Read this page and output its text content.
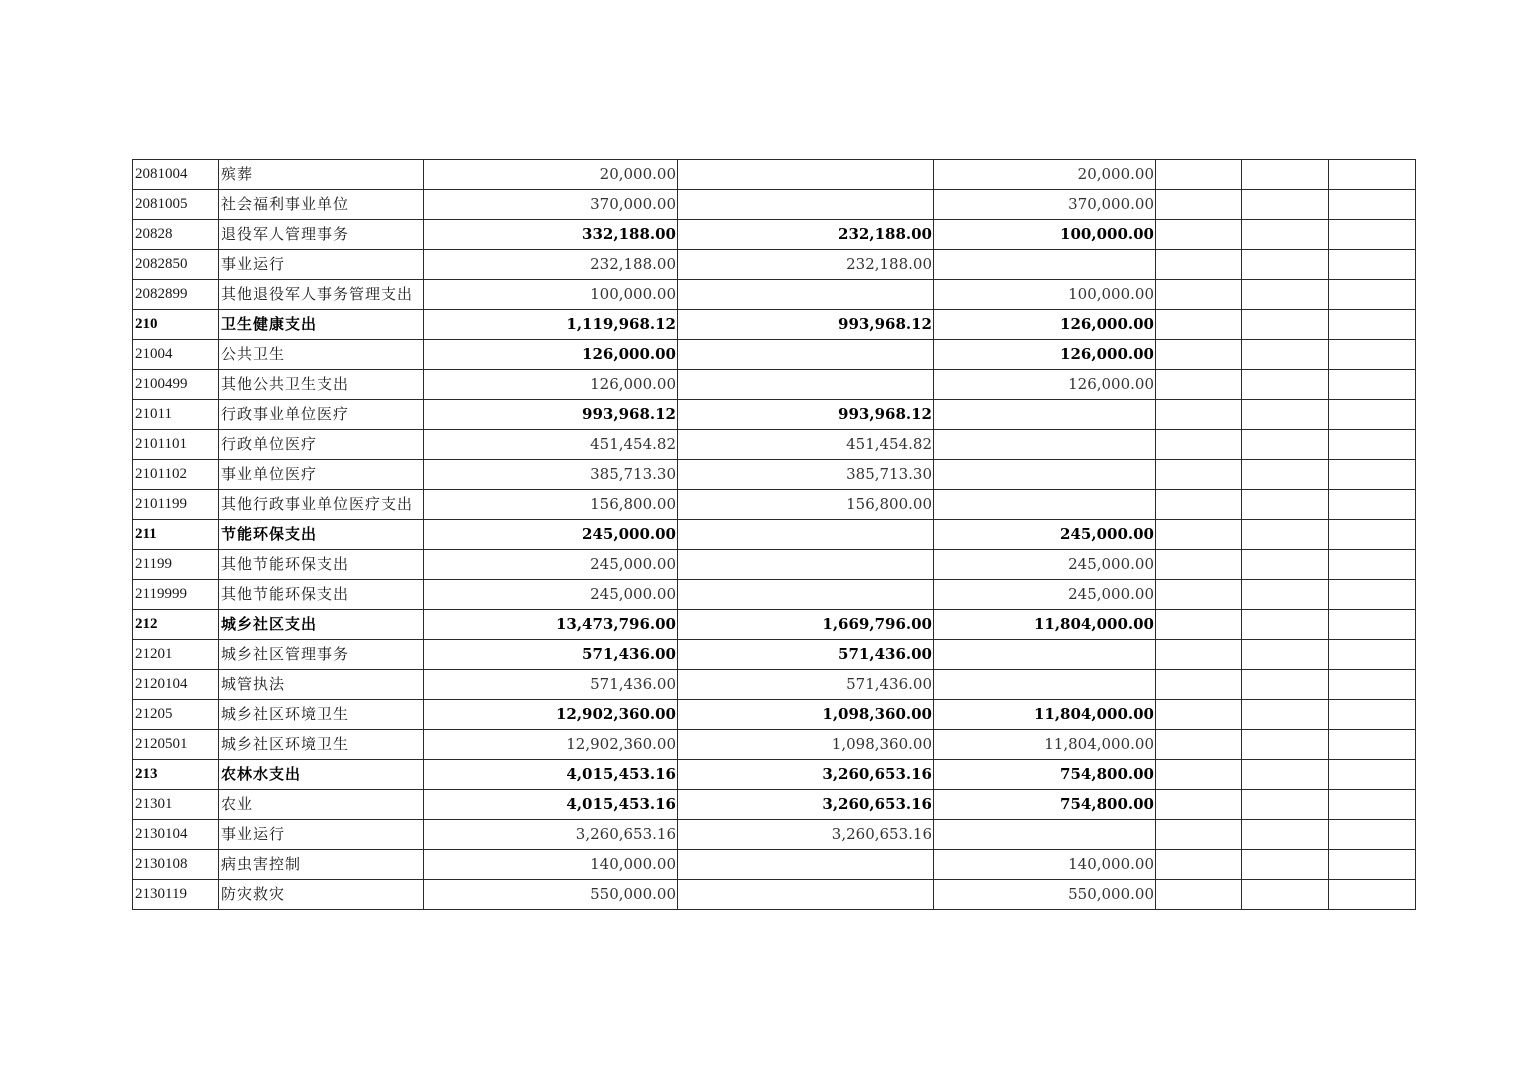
2081004	殡葬	20,000.00		20,000.00			
2081005	社会福利事业单位	370,000.00		370,000.00			
20828	退役军人管理事务	332,188.00	232,188.00	100,000.00			
2082850	事业运行	232,188.00	232,188.00				
2082899	其他退役军人事务管理支出	100,000.00		100,000.00			
210	卫生健康支出	1,119,968.12	993,968.12	126,000.00			
21004	公共卫生	126,000.00		126,000.00			
2100499	其他公共卫生支出	126,000.00		126,000.00			
21011	行政事业单位医疗	993,968.12	993,968.12				
2101101	行政单位医疗	451,454.82	451,454.82				
2101102	事业单位医疗	385,713.30	385,713.30				
2101199	其他行政事业单位医疗支出	156,800.00	156,800.00				
211	节能环保支出	245,000.00		245,000.00			
21199	其他节能环保支出	245,000.00		245,000.00			
2119999	其他节能环保支出	245,000.00		245,000.00			
212	城乡社区支出	13,473,796.00	1,669,796.00	11,804,000.00			
21201	城乡社区管理事务	571,436.00	571,436.00				
2120104	城管执法	571,436.00	571,436.00				
21205	城乡社区环境卫生	12,902,360.00	1,098,360.00	11,804,000.00			
2120501	城乡社区环境卫生	12,902,360.00	1,098,360.00	11,804,000.00			
213	农林水支出	4,015,453.16	3,260,653.16	754,800.00			
21301	农业	4,015,453.16	3,260,653.16	754,800.00			
2130104	事业运行	3,260,653.16	3,260,653.16				
2130108	病虫害控制	140,000.00		140,000.00			
2130119	防灾救灾	550,000.00		550,000.00			
